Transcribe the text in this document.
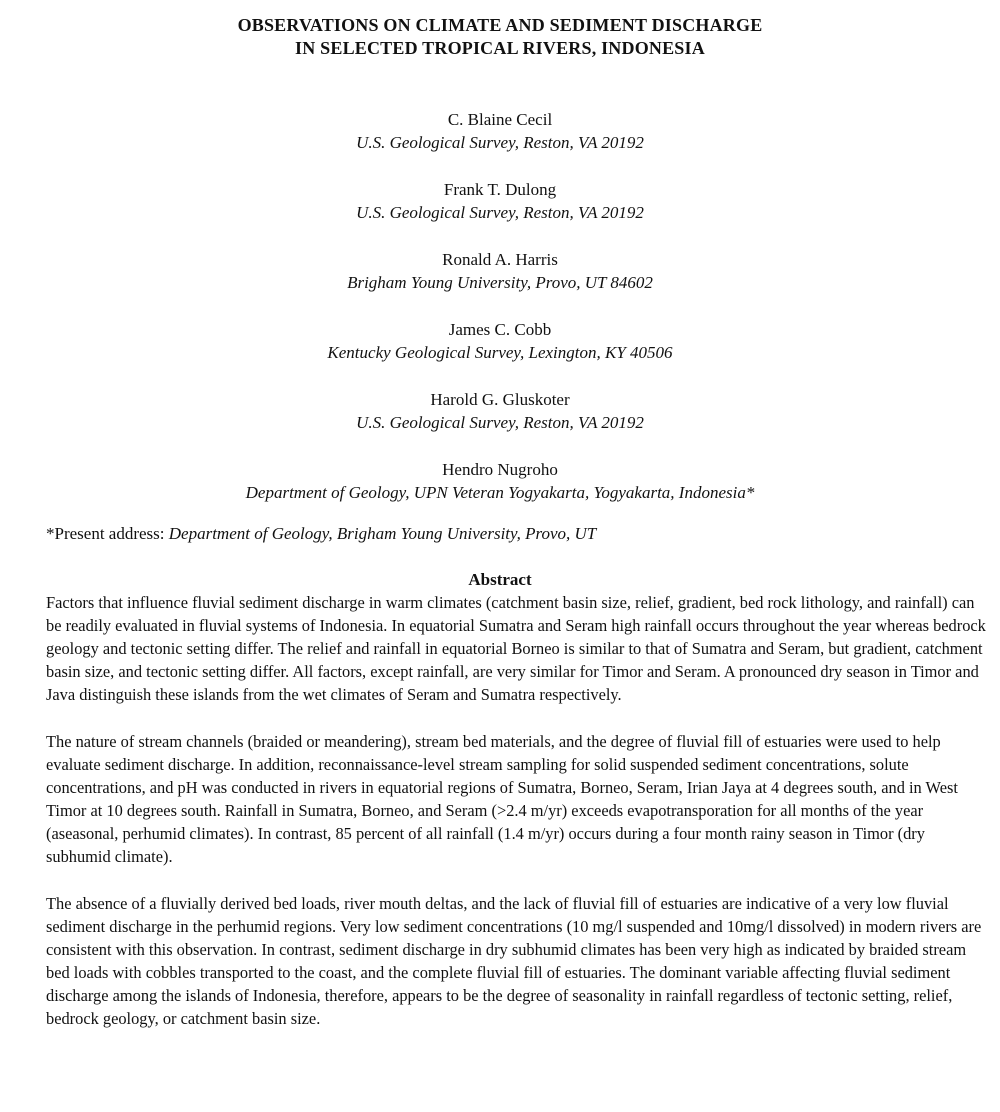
OBSERVATIONS ON CLIMATE AND SEDIMENT DISCHARGE
IN SELECTED TROPICAL RIVERS, INDONESIA
C. Blaine Cecil
U.S. Geological Survey, Reston, VA 20192
Frank T. Dulong
U.S. Geological Survey, Reston, VA 20192
Ronald A. Harris
Brigham Young University, Provo, UT 84602
James C. Cobb
Kentucky Geological Survey, Lexington, KY 40506
Harold G. Gluskoter
U.S. Geological Survey, Reston, VA 20192
Hendro Nugroho
Department of Geology, UPN Veteran Yogyakarta, Yogyakarta, Indonesia*
*Present address: Department of Geology, Brigham Young University, Provo, UT
Abstract

Factors that influence fluvial sediment discharge in warm climates (catchment basin size, relief, gradient, bed rock lithology, and rainfall) can be readily evaluated in fluvial systems of Indonesia. In equatorial Sumatra and Seram high rainfall occurs throughout the year whereas bedrock geology and tectonic setting differ. The relief and rainfall in equatorial Borneo is similar to that of Sumatra and Seram, but gradient, catchment basin size, and tectonic setting differ. All factors, except rainfall, are very similar for Timor and Seram. A pronounced dry season in Timor and Java distinguish these islands from the wet climates of Seram and Sumatra respectively.

The nature of stream channels (braided or meandering), stream bed materials, and the degree of fluvial fill of estuaries were used to help evaluate sediment discharge. In addition, reconnaissance-level stream sampling for solid suspended sediment concentrations, solute concentrations, and pH was conducted in rivers in equatorial regions of Sumatra, Borneo, Seram, Irian Jaya at 4 degrees south, and in West Timor at 10 degrees south. Rainfall in Sumatra, Borneo, and Seram (>2.4 m/yr) exceeds evapotransporation for all months of the year (aseasonal, perhumid climates). In contrast, 85 percent of all rainfall (1.4 m/yr) occurs during a four month rainy season in Timor (dry subhumid climate).

The absence of a fluvially derived bed loads, river mouth deltas, and the lack of fluvial fill of estuaries are indicative of a very low fluvial sediment discharge in the perhumid regions. Very low sediment concentrations (10 mg/l suspended and 10mg/l dissolved) in modern rivers are consistent with this observation. In contrast, sediment discharge in dry subhumid climates has been very high as indicated by braided stream bed loads with cobbles transported to the coast, and the complete fluvial fill of estuaries. The dominant variable affecting fluvial sediment discharge among the islands of Indonesia, therefore, appears to be the degree of seasonality in rainfall regardless of tectonic setting, relief, bedrock geology, or catchment basin size.
